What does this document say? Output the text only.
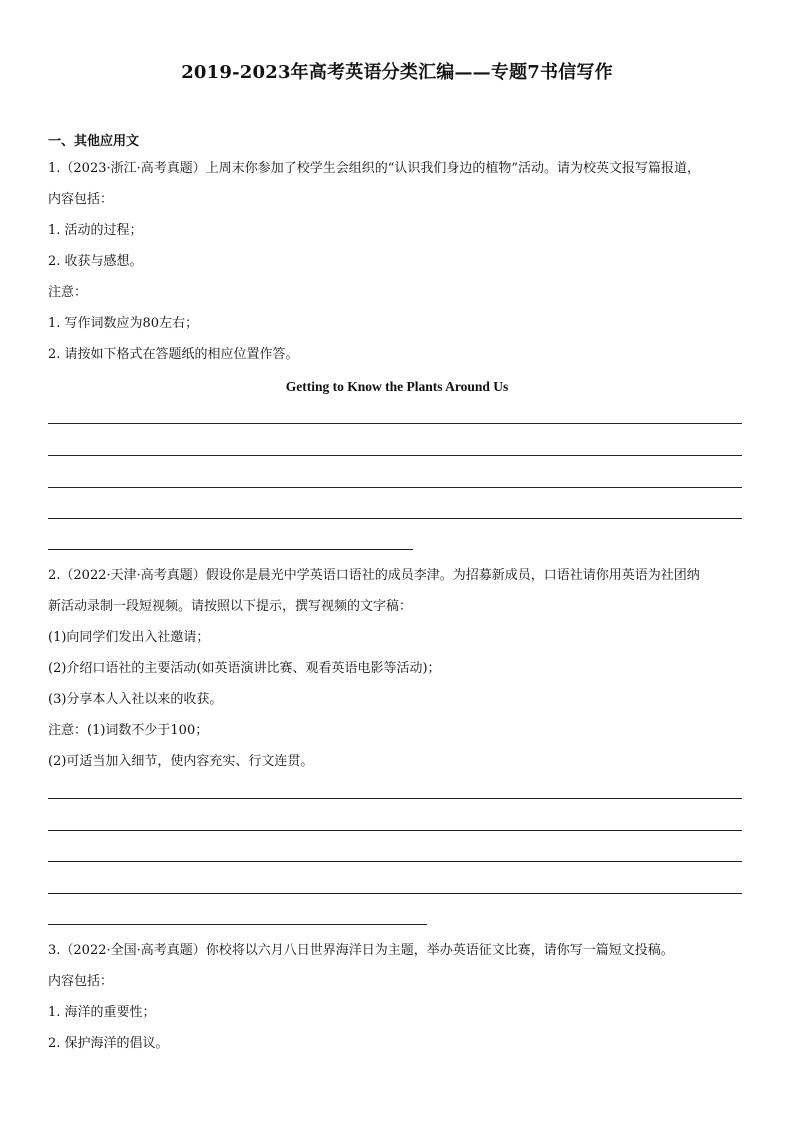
2019-2023年高考英语分类汇编——专题7书信写作
一、其他应用文
1.（2023·浙江·高考真题）上周末你参加了校学生会组织的“认识我们身边的植物”活动。请为校英文报写篇报道，
内容包括：
1. 活动的过程；
2. 收获与感想。
注意：
1. 写作词数应为80左右；
2. 请按如下格式在答题纸的相应位置作答。
Getting to Know the Plants Around Us
2.（2022·天津·高考真题）假设你是晨光中学英语口语社的成员李津。为招募新成员，口语社请你用英语为社团纳
新活动录制一段短视频。请按照以下提示，撰写视频的文字稿：
(1)向同学们发出入社邀请；
(2)介绍口语社的主要活动(如英语演讲比赛、观看英语电影等活动)；
(3)分享本人入社以来的收获。
注意：(1)词数不少于100；
(2)可适当加入细节，使内容充实、行文连贯。
3.（2022·全国·高考真题）你校将以六月八日世界海洋日为主题，举办英语征文比赛，请你写一篇短文投稿。
内容包括：
1. 海洋的重要性；
2. 保护海洋的倡议。
